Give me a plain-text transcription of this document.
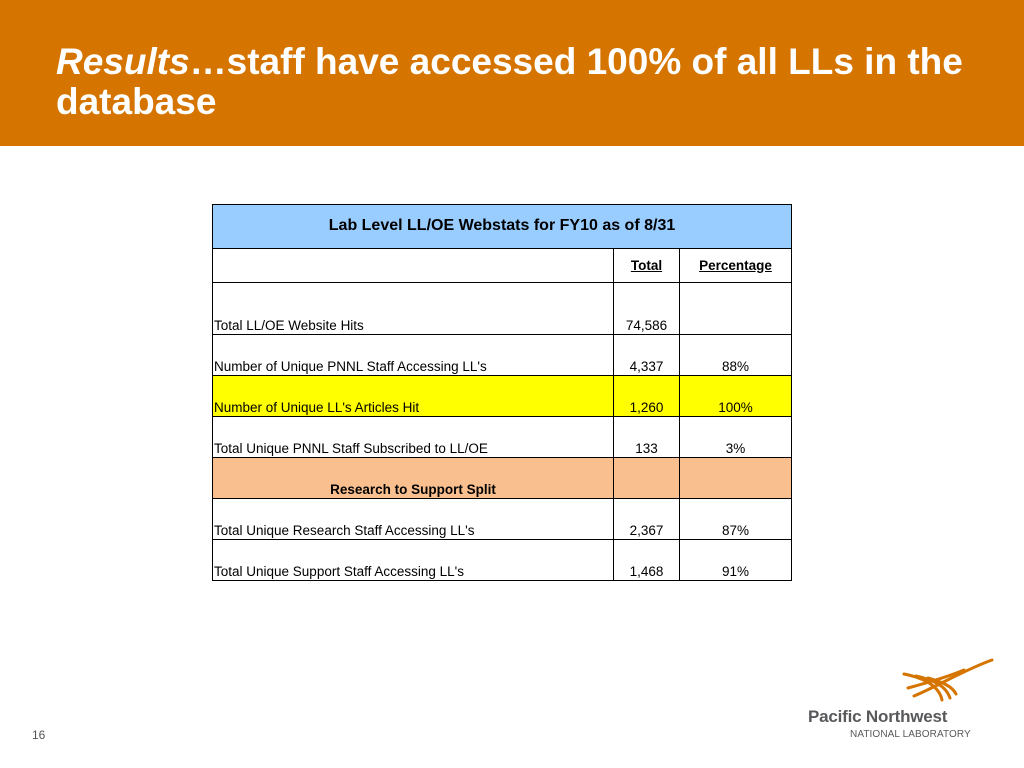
Results…staff have accessed 100% of all LLs in the database
Lab Level LL/OE Webstats for FY10 as of 8/31		
	Total	Percentage
Total LL/OE Website Hits	74,586	
Number of Unique PNNL Staff Accessing LL's	4,337	88%
Number of Unique LL's Articles Hit	1,260	100%
Total Unique PNNL Staff Subscribed to LL/OE	133	3%
Research to Support Split		
Total Unique Research Staff Accessing LL's	2,367	87%
Total Unique Support Staff Accessing LL's	1,468	91%
16
Pacific Northwest
NATIONAL LABORATORY
